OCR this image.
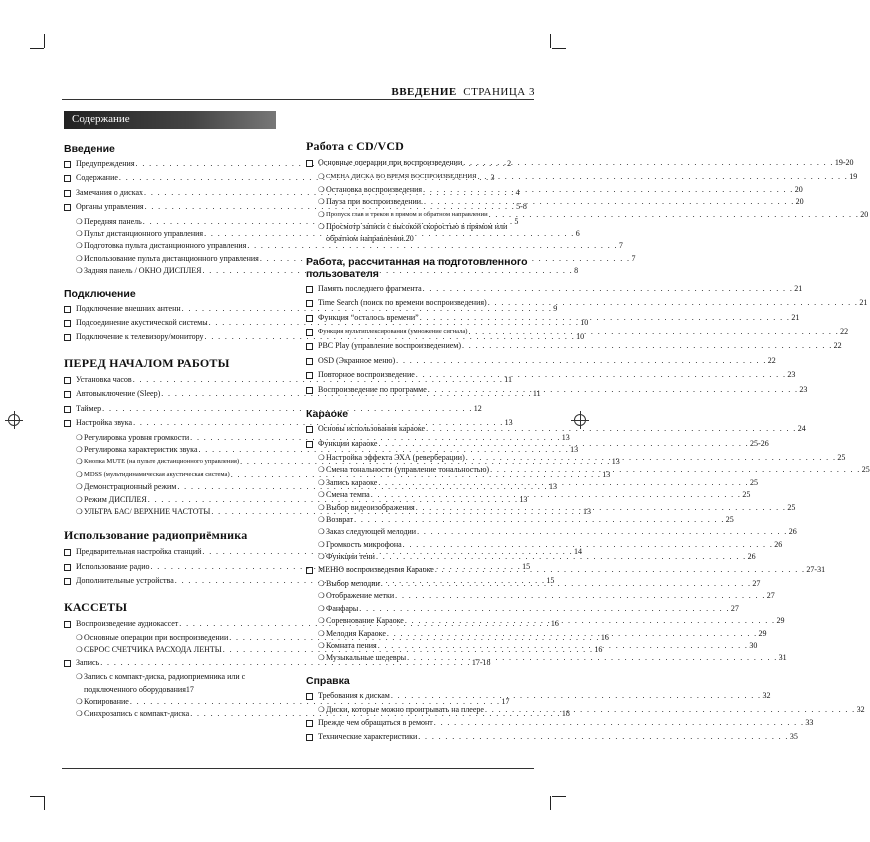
ВВЕДЕНИЕ СТРАНИЦА 3
Содержание
Введение
Предупреждения . . .	2
Содержание . . .	3
Замечания о дисках . . .	4
Органы управления . . .	5-8
❍ Передняя панель . . .	5
❍ Пульт дистанционного управления . . .	6
❍ Подготовка пульта дистанционного управления . . .	7
❍ Использование пульта дистанционного управления . . .	7
❍ Задняя панель / ОКНО ДИСПЛЕЯ . . .	8
Подключение
Подключение внешних антенн . . .	9
Подсоединение акустической системы . . .	10
Подключение к телевизору/монитору . . .	10
ПЕРЕД НАЧАЛОМ РАБОТЫ
Установка часов . . .	11
Автовыключение (Sleep) . . .	11
Таймер . . .	12
Настройка звука . . .	13
❍ Регулировка уровня громкости . . .	13
❍ Регулировка характеристик звука . . .	13
❍ Кнопка MUTE (на пульте дистанционного управления) . . .	13
❍ MDSS (мультидинамическая акустическая система) . . .	13
❍ Демонстрационный режим . . .	13
❍ Режим ДИСПЛЕЯ . . .	13
❍ УЛЬТРА БАС/ ВЕРХНИЕ ЧАСТОТЫ . . .	13
Использование радиоприёмника
Предварительная настройка станций . . .	14
Использование радио . . .	15
Дополнительные устройства . . .	15
КАССЕТЫ
Воспроизведение аудиокассет . . .	16
❍ Основные операции при воспроизведении . . .	16
❍ СБРОС СЧЕТЧИКА РАСХОДА ЛЕНТЫ . . .	16
Запись . . .	17-18
❍ Запись с компакт-диска, радиоприемника или с
подключенного оборудования 17
❍ Копирование . . .	17
❍ Синхрозапись с компакт-диска . . .	18
Работа с CD/VCD
Основные операции при воспроизведении . . .	19-20
❍ СМЕНА ДИСКА ВО ВРЕМЯ ВОСПРОИЗВЕДЕНИЯ . . .	19
❍ Остановка воспроизведения . . .	20
❍ Пауза при воспроизведении. . . .	20
❍ Пропуск глав и треков в прямом и обратном направлении . . .	20
❍ Просмотр записи с высокой скоростью в прямом или
обратном направлении. 20
Работа, рассчитанная на подготовленного пользователя
Память последнего фрагмента . . .	21
Time Search (поиск по времени воспроизведения) . . .	21
Функция “осталось времени” . . .	21
Функция мультиплексирования (умножение сигнала) . . .	22
PBC Play (управление воспроизведением) . . .	22
OSD (Экранное меню) . . .	22
Повторное воспроизведение . . .	23
Воспроизведение по программе . . .	23
Караоке
Основы использования караоке . . .	24
Функции караоке . . .	25-26
❍ Настройка эффекта ЭХА (реверберации) . . .	25
❍ Смена тональности (управление тональностью) . . .	25
❍ Запись караоке . . .	25
❍ Смена темпа . . .	25
❍ Выбор видеоизображения . . .	25
❍ Возврат . . .	25
❍ Заказ следующей мелодии . . .	26
❍ Громкость микрофона . . .	26
❍ Функции тени . . .	26
МЕНЮ воспроизведения Караоке . . .	27-31
❍ Выбор мелодии . . .	27
❍ Отображение метки . . .	27
❍ Фанфары . . .	27
❍ Соревнование Караоке . . .	29
❍ Мелодия Караоке . . .	29
❍ Комната пения . . .	30
❍ Музыкальные шедевры . . .	31
Справка
Требования к дискам . . .	32
❍ Диски, которые можно проигрывать на плеере . . .	32
Прежде чем обращаться в ремонт . . .	33
Технические характеристики . . .	35
